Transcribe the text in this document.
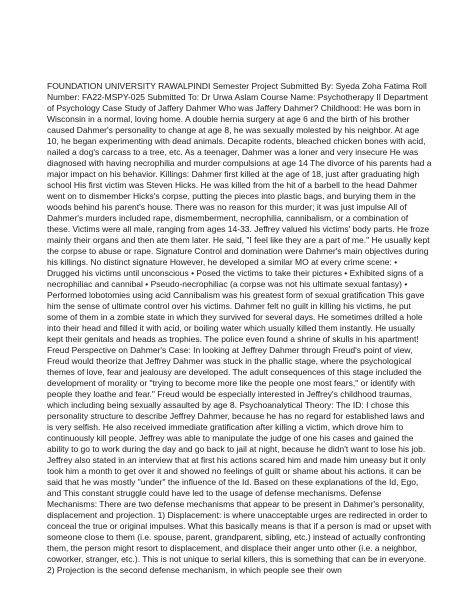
FOUNDATION UNIVERSITY RAWALPINDI Semester Project Submitted By: Syeda Zoha Fatima Roll Number: FA22-MSPY-025 Submitted To: Dr Urwa Aslam Course Name: Psychotherapy II Department of Psychology Case Study of Jaffery Dahmer Who was Jaffery Dahmer? Childhood: He was born in Wisconsin in a normal, loving home. A double hernia surgery at age 6 and the birth of his brother caused Dahmer's personality to change at age 8, he was sexually molested by his neighbor. At age 10, he began experimenting with dead animals. Decapite rodents, bleached chicken bones with acid, nailed a dog's carcass to a tree, etc. As a teenager, Dahmer was a loner and very insecure He was diagnosed with having necrophilia and murder compulsions at age 14 The divorce of his parents had a major impact on his behavior. Killings: Dahmer first killed at the age of 18, just after graduating high school His first victim was Steven Hicks. He was killed from the hit of a barbell to the head Dahmer went on to dismember Hicks's corpse, putting the pieces into plastic bags, and burying them in the woods behind his parent's house. There was no reason for this murder; it was just impulse All of Dahmer's murders included rape, dismemberment, necrophilia, cannibalism, or a combination of these. Victims were all male, ranging from ages 14-33. Jeffrey valued his victims' body parts. He froze mainly their organs and then ate them later. He said, "I feel like they are a part of me." He usually kept the corpse to abuse or rape. Signature Control and domination were Dahmer's main objectives during his killings. No distinct signature However, he developed a similar MO at every crime scene: • Drugged his victims until unconscious • Posed the victims to take their pictures • Exhibited signs of a necrophiliac and cannibal • Pseudo-necrophiliac (a corpse was not his ultimate sexual fantasy) • Performed lobotomies using acid Cannibalism was his greatest form of sexual gratification This gave him the sense of ultimate control over his victims. Dahmer felt no guilt in killing his victims, he put some of them in a zombie state in which they survived for several days. He sometimes drilled a hole into their head and filled it with acid, or boiling water which usually killed them instantly. He usually kept their genitals and heads as trophies. The police even found a shrine of skulls in his apartment! Freud Perspective on Dahmer's Case: In looking at Jeffrey Dahmer through Freud's point of view, Freud would theorize that Jeffrey Dahmer was stuck in the phallic stage, where the psychological themes of love, fear and jealousy are developed. The adult consequences of this stage included the development of morality or "trying to become more like the people one most fears," or identify with people they loathe and fear." Freud would be especially interested in Jeffrey's childhood traumas, which including being sexually assaulted by age 8. Psychoanalytical Theory: The ID: I chose this personality structure to describe Jeffrey Dahmer, because he has no regard for established laws and is very selfish. He also received immediate gratification after killing a victim, which drove him to continuously kill people. Jeffrey was able to manipulate the judge of one his cases and gained the ability to go to work during the day and go back to jail at night, because he didn't want to lose his job. Jeffrey also stated in an interview that at first his actions scared him and made him uneasy but it only took him a month to get over it and showed no feelings of guilt or shame about his actions. it can be said that he was mostly "under" the influence of the Id. Based on these explanations of the Id, Ego, and This constant struggle could have led to the usage of defense mechanisms. Defense Mechanisms: There are two defense mechanisms that appear to be present in Dahmer's personality, displacement and projection. 1) Displacement: is where unacceptable urges are redirected in order to conceal the true or original impulses. What this basically means is that if a person is mad or upset with someone close to them (i.e. spouse, parent, grandparent, sibling, etc.) instead of actually confronting them, the person might resort to displacement, and displace their anger unto other (i.e. a neighbor, coworker, stranger, etc.). This is not unique to serial killers, this is something that can be in everyone. 2) Projection is the second defense mechanism, in which people see their own
